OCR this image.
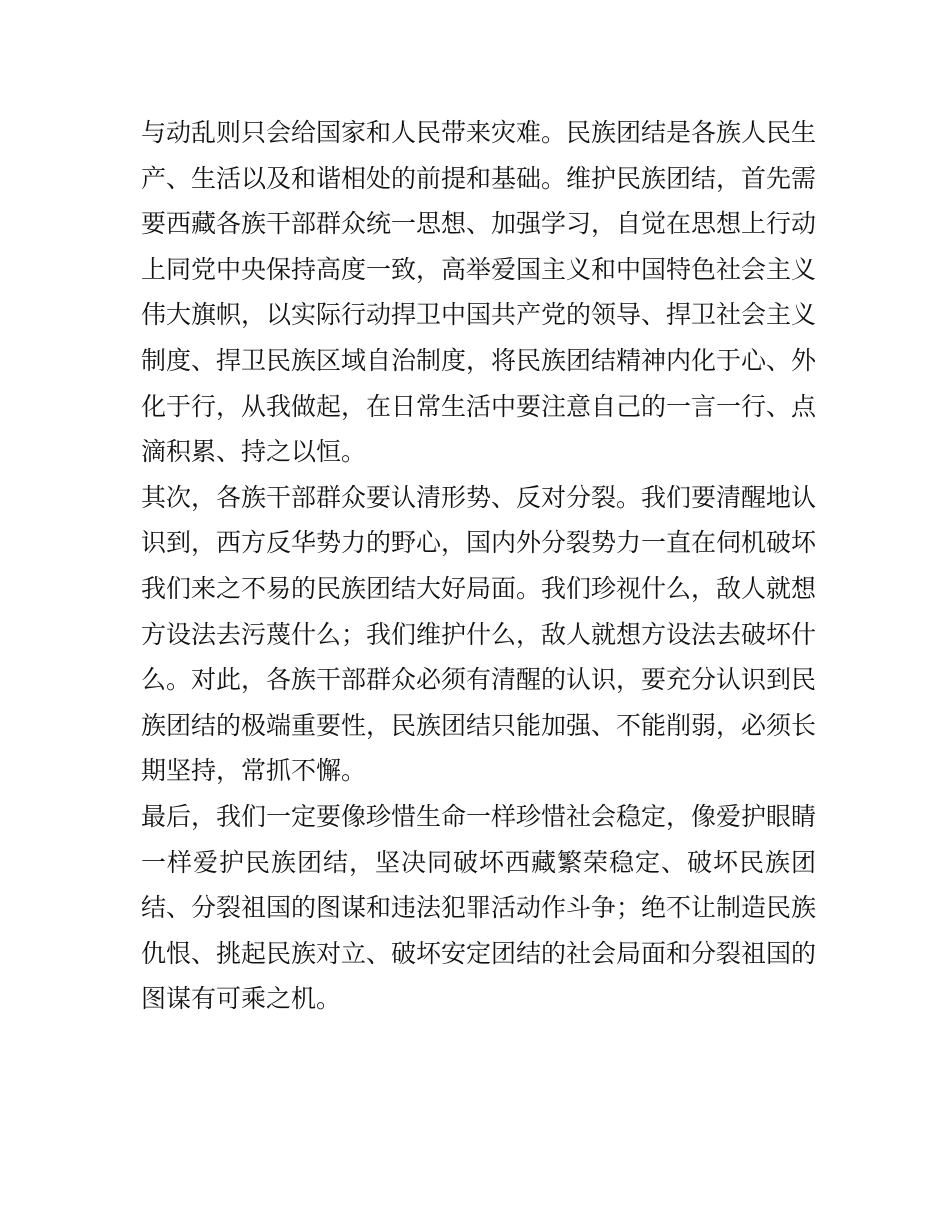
与动乱则只会给国家和人民带来灾难。民族团结是各族人民生
产、生活以及和谐相处的前提和基础。维护民族团结，首先需
要西藏各族干部群众统一思想、加强学习，自觉在思想上行动
上同党中央保持高度一致，高举爱国主义和中国特色社会主义
伟大旗帜，以实际行动捍卫中国共产党的领导、捍卫社会主义
制度、捍卫民族区域自治制度，将民族团结精神内化于心、外
化于行，从我做起，在日常生活中要注意自己的一言一行、点
滴积累、持之以恒。
其次，各族干部群众要认清形势、反对分裂。我们要清醒地认
识到，西方反华势力的野心，国内外分裂势力一直在伺机破坏
我们来之不易的民族团结大好局面。我们珍视什么，敌人就想
方设法去污蔑什么；我们维护什么，敌人就想方设法去破坏什
么。对此，各族干部群众必须有清醒的认识，要充分认识到民
族团结的极端重要性，民族团结只能加强、不能削弱，必须长
期坚持，常抓不懈。
最后，我们一定要像珍惜生命一样珍惜社会稳定，像爱护眼睛
一样爱护民族团结，坚决同破坏西藏繁荣稳定、破坏民族团
结、分裂祖国的图谋和违法犯罪活动作斗争；绝不让制造民族
仇恨、挑起民族对立、破坏安定团结的社会局面和分裂祖国的
图谋有可乘之机。
